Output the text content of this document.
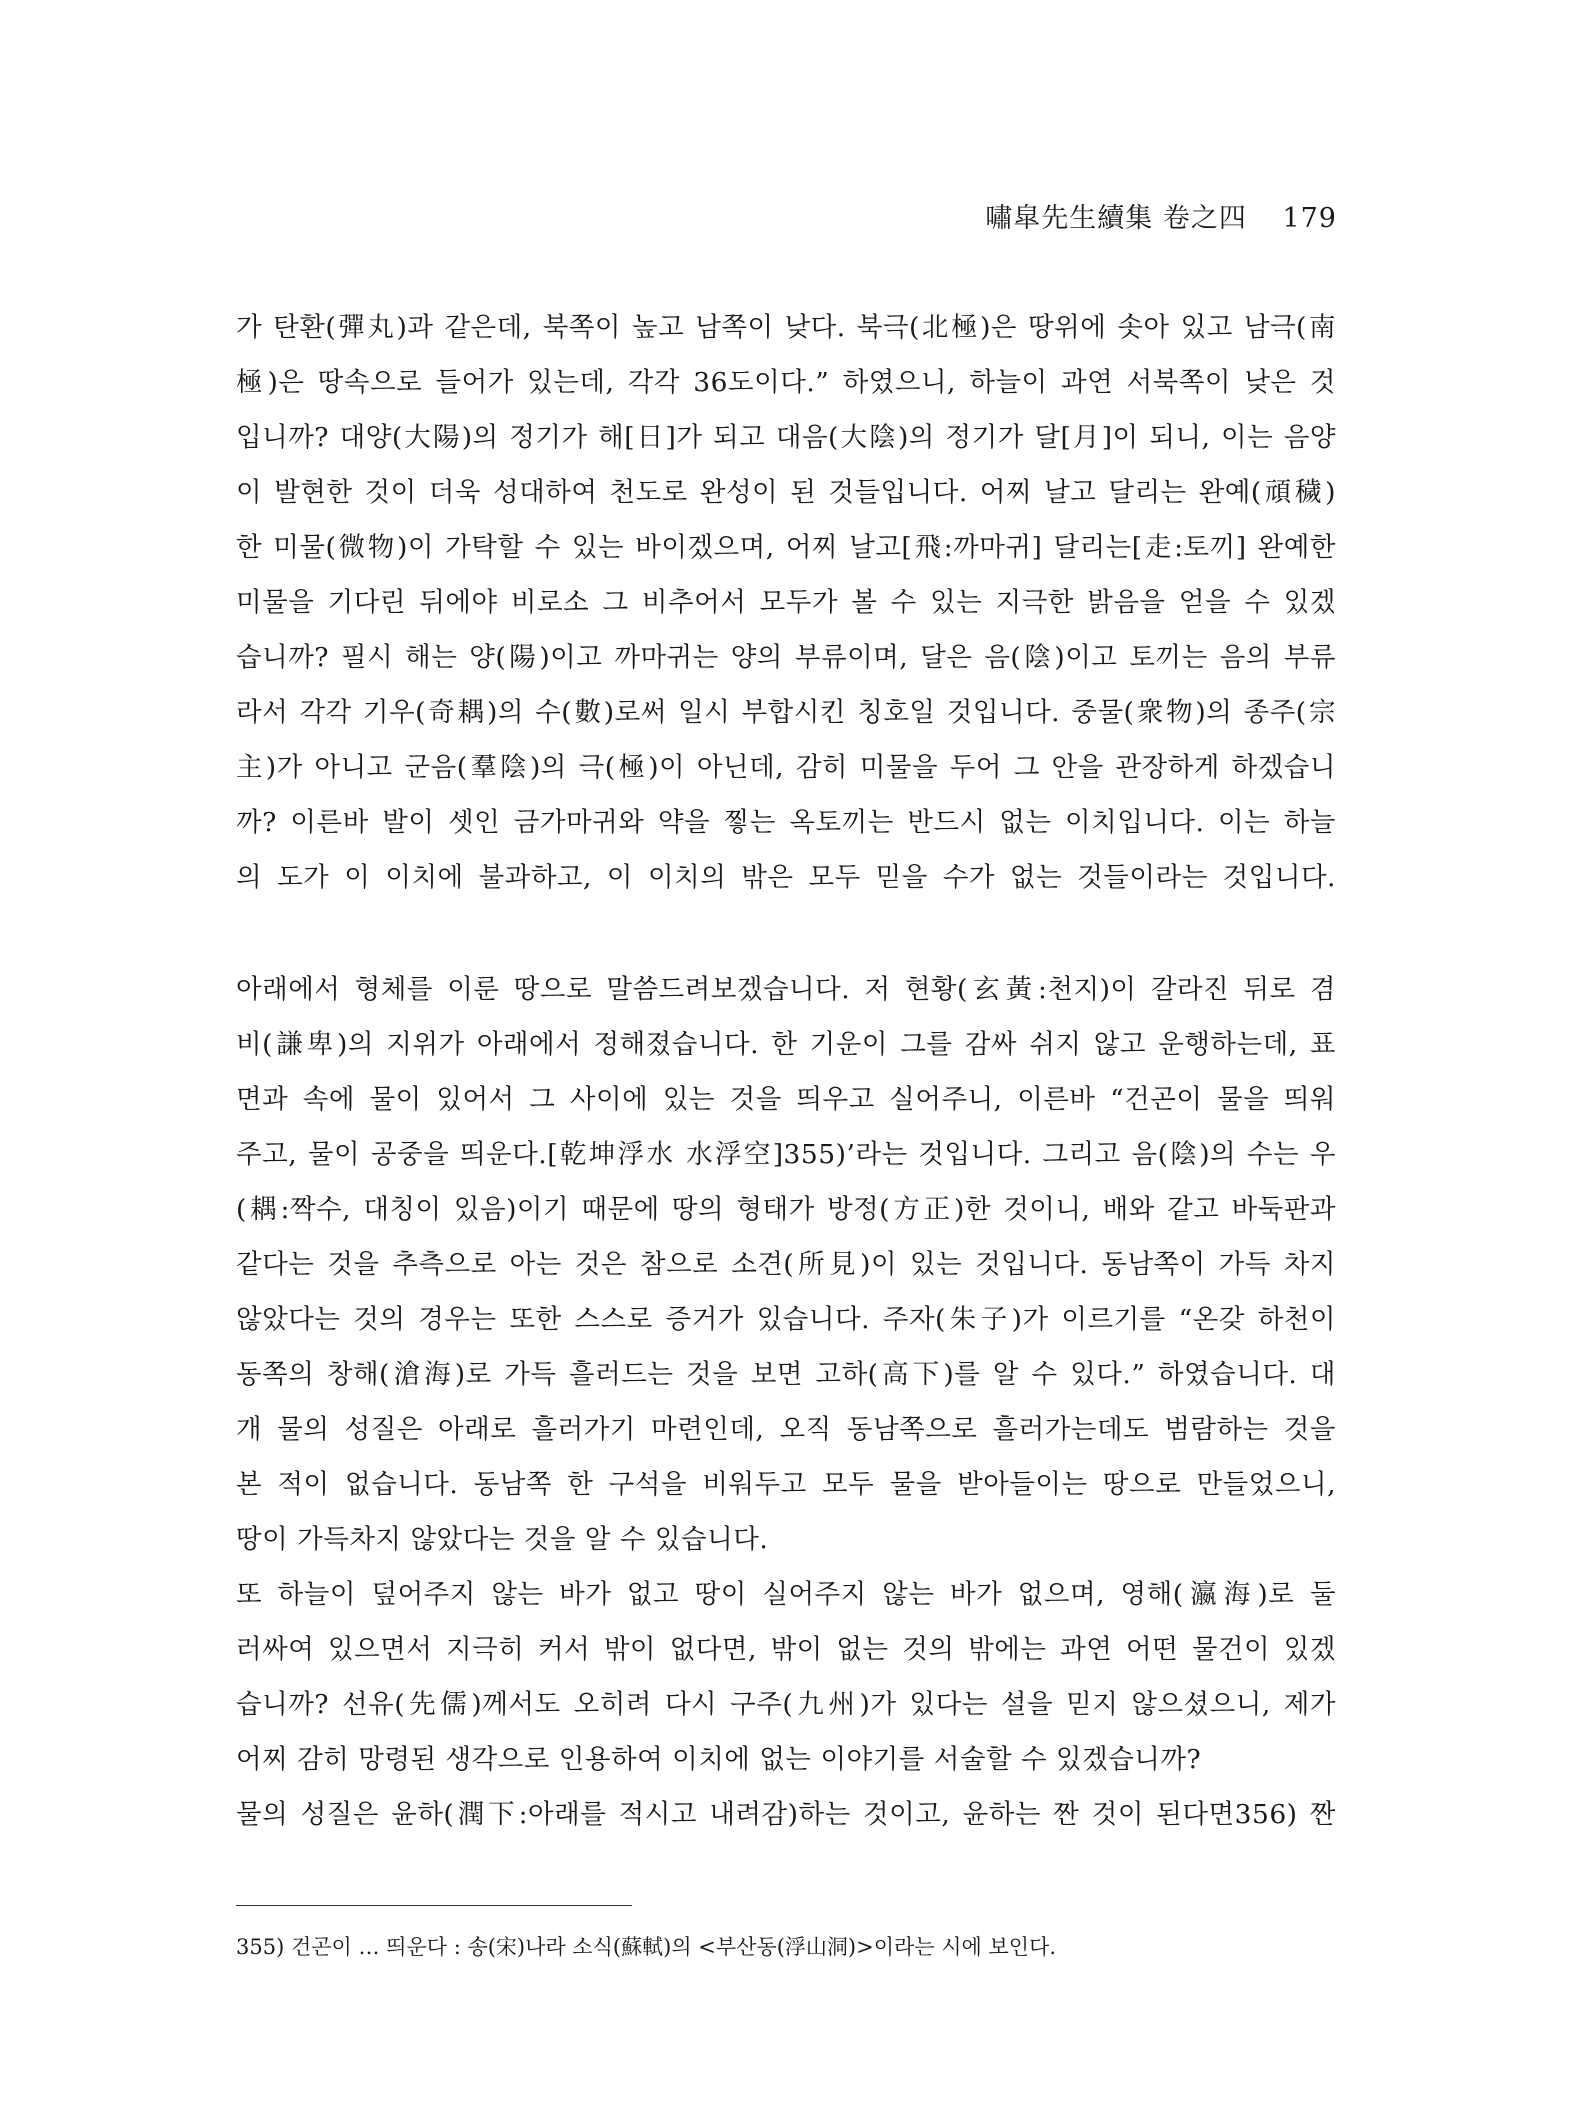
嘯皐先生續集 卷之四 179

가 탄환(彈丸)과 같은데, 북쪽이 높고 남쪽이 낮다. 북극(北極)은 땅위에 솟아 있고 남극(南

極)은 땅속으로 들어가 있는데, 각각 36도이다.” 하였으니, 하늘이 과연 서북쪽이 낮은 것

입니까? 대양(大陽)의 정기가 해[日]가 되고 대음(大陰)의 정기가 달[月]이 되니, 이는 음양

이 발현한 것이 더욱 성대하여 천도로 완성이 된 것들입니다. 어찌 날고 달리는 완예(頑穢)

한 미물(微物)이 가탁할 수 있는 바이겠으며, 어찌 날고[飛:까마귀] 달리는[走:토끼] 완예한

미물을 기다린 뒤에야 비로소 그 비추어서 모두가 볼 수 있는 지극한 밝음을 얻을 수 있겠

습니까? 필시 해는 양(陽)이고 까마귀는 양의 부류이며, 달은 음(陰)이고 토끼는 음의 부류

라서 각각 기우(奇耦)의 수(數)로써 일시 부합시킨 칭호일 것입니다. 중물(衆物)의 종주(宗

主)가 아니고 군음(羣陰)의 극(極)이 아닌데, 감히 미물을 두어 그 안을 관장하게 하겠습니

까? 이른바 발이 셋인 금가마귀와 약을 찧는 옥토끼는 반드시 없는 이치입니다. 이는 하늘

의 도가 이 이치에 불과하고, 이 이치의 밖은 모두 믿을 수가 없는 것들이라는 것입니다.

아래에서 형체를 이룬 땅으로 말씀드려보겠습니다. 저 현황(玄黃:천지)이 갈라진 뒤로 겸

비(謙卑)의 지위가 아래에서 정해졌습니다. 한 기운이 그를 감싸 쉬지 않고 운행하는데, 표

면과 속에 물이 있어서 그 사이에 있는 것을 띄우고 실어주니, 이른바 “건곤이 물을 띄워

주고, 물이 공중을 띄운다.[乾坤浮水 水浮空]355)’라는 것입니다. 그리고 음(陰)의 수는 우

(耦:짝수, 대칭이 있음)이기 때문에 땅의 형태가 방정(方正)한 것이니, 배와 같고 바둑판과

같다는 것을 추측으로 아는 것은 참으로 소견(所見)이 있는 것입니다. 동남쪽이 가득 차지

않았다는 것의 경우는 또한 스스로 증거가 있습니다. 주자(朱子)가 이르기를 “온갖 하천이

동쪽의 창해(滄海)로 가득 흘러드는 것을 보면 고하(高下)를 알 수 있다.” 하였습니다. 대

개 물의 성질은 아래로 흘러가기 마련인데, 오직 동남쪽으로 흘러가는데도 범람하는 것을

본 적이 없습니다. 동남쪽 한 구석을 비워두고 모두 물을 받아들이는 땅으로 만들었으니,

땅이 가득차지 않았다는 것을 알 수 있습니다.

또 하늘이 덮어주지 않는 바가 없고 땅이 실어주지 않는 바가 없으며, 영해(瀛海)로 둘

러싸여 있으면서 지극히 커서 밖이 없다면, 밖이 없는 것의 밖에는 과연 어떤 물건이 있겠

습니까? 선유(先儒)께서도 오히려 다시 구주(九州)가 있다는 설을 믿지 않으셨으니, 제가

어찌 감히 망령된 생각으로 인용하여 이치에 없는 이야기를 서술할 수 있겠습니까?

물의 성질은 윤하(潤下:아래를 적시고 내려감)하는 것이고, 윤하는 짠 것이 된다면356) 짠

355) 건곤이 … 띄운다 : 송(宋)나라 소식(蘇軾)의 <부산동(浮山洞)>이라는 시에 보인다.
